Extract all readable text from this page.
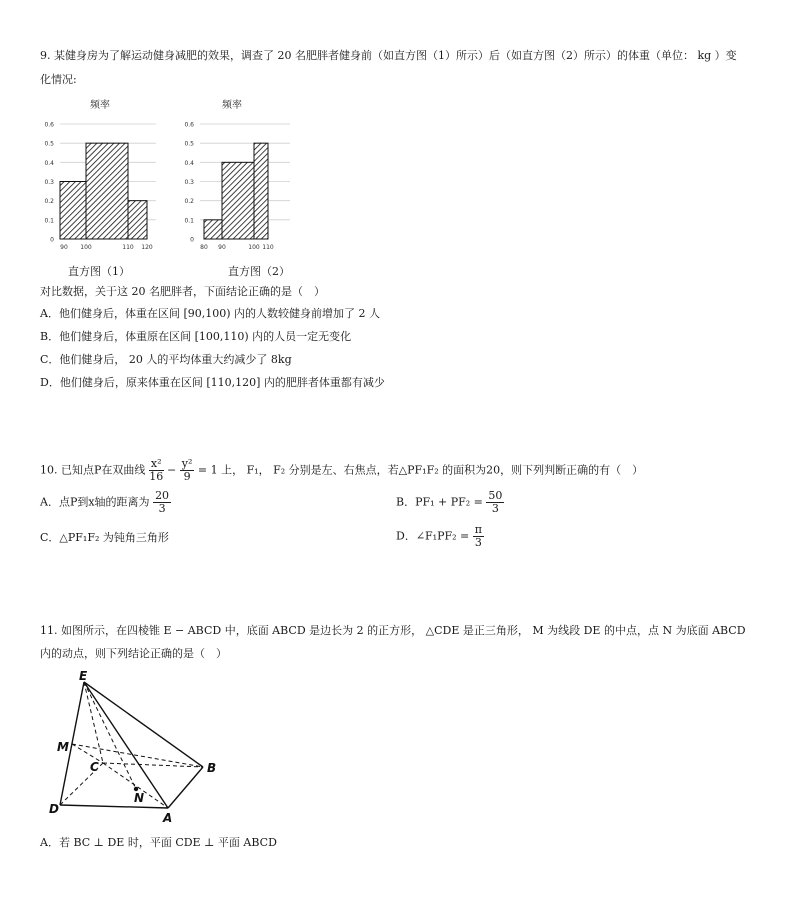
9. 某健身房为了解运动健身减肥的效果，调查了 20 名肥胖者健身前（如直方图（1）所示）后（如直方图（2）所示）的体重（单位： kg ）变
化情况:
0
0.1
0.2
0.3
0.4
0.5
0.6
频率
90 100	110 120
0
0.1
0.2
0.3
0.4
0.5
0.6
频率
80 90	100 110
直方图（1）	直方图（2）
对比数据，关于这 20 名肥胖者，下面结论正确的是（　）
A．他们健身后，体重在区间 [90,100) 内的人数较健身前增加了 2 人
B．他们健身后，体重原在区间 [100,110) 内的人员一定无变化
C．他们健身后， 20 人的平均体重大约减少了 8kg
D．他们健身后，原来体重在区间 [110,120] 内的肥胖者体重都有减少
10. 已知点P在双曲线 $\frac{\text{x²}}{16} - \frac{\text{y²}}{9} = 1$ 上， F₁， F₂ 分别是左、右焦点，若△PF₁F₂ 的面积为20，则下列判断正确的有（　）
A．点P到x轴的距离为 $\frac{20}{3}$	B．$PF_1 + PF_2 = \frac{50}{3}$
C．△PF₁F₂ 为钝角三角形	D．∠F₁PF₂ = $\frac{\pi}{3}$
11. 如图所示，在四棱锥 E − ABCD 中，底面 ABCD 是边长为 2 的正方形， △CDE 是正三角形， M 为线段 DE 的中点，点 N 为底面 ABCD
内的动点，则下列结论正确的是（　）
E
M
C
N
B
D
A
A．若 BC ⊥ DE 时，平面 CDE ⊥ 平面 ABCD
